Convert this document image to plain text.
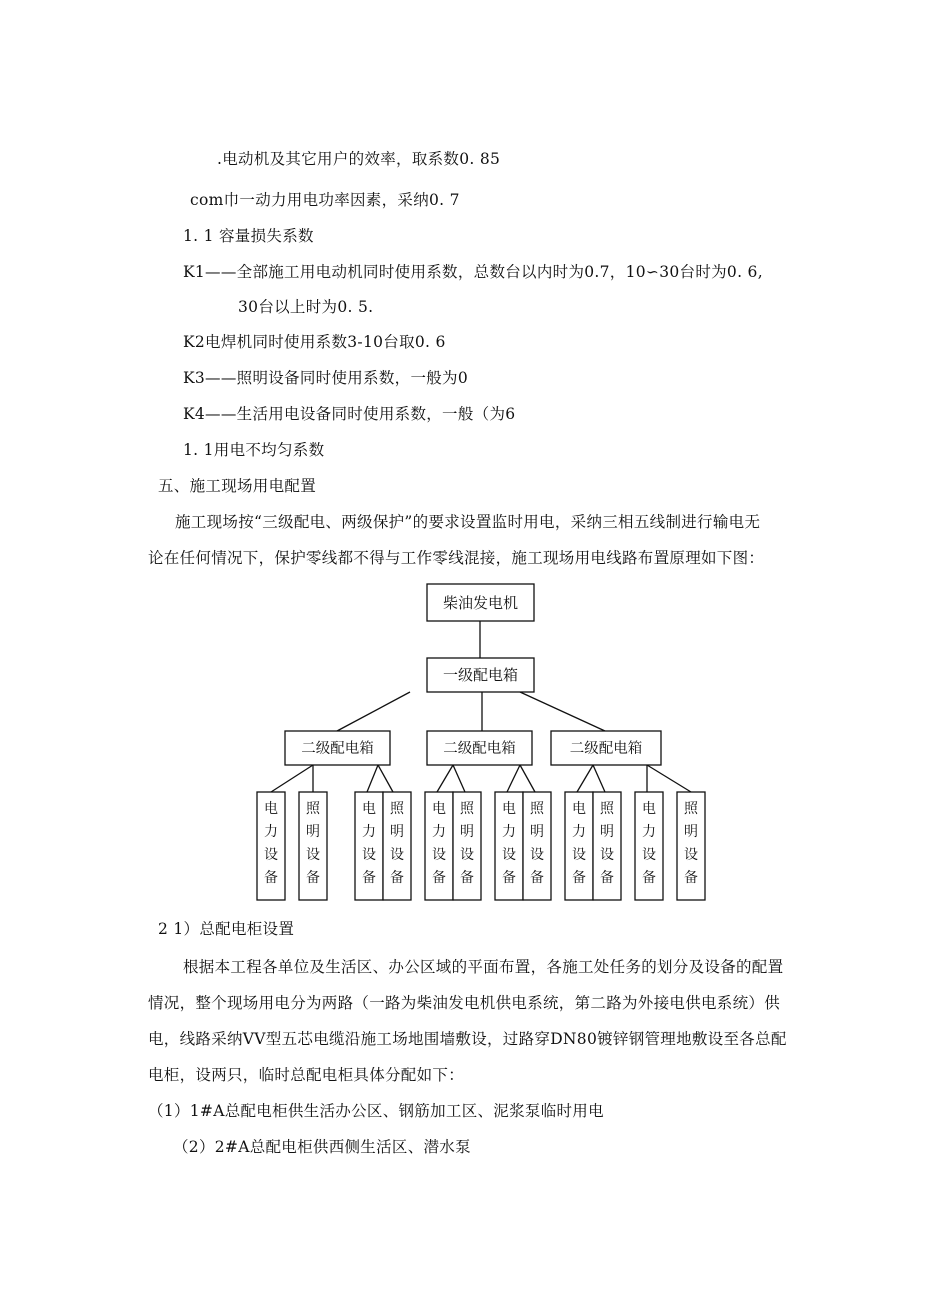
.电动机及其它用户的效率，取系数0. 85
com巾一动力用电功率因素，采纳0. 7
1. 1 容量损失系数
K1——全部施工用电动机同时使用系数，总数台以内时为0.7，10∽30台时为0. 6,
30台以上时为0. 5.
K2电焊机同时使用系数3-10台取0. 6
K3——照明设备同时使用系数，一般为0
K4——生活用电设备同时使用系数，一般（为6
1. 1用电不均匀系数
五、施工现场用电配置
施工现场按“三级配电、两级保护”的要求设置监时用电，采纳三相五线制进行输电无
论在任何情况下，保护零线都不得与工作零线混接，施工现场用电线路布置原理如下图：
柴油发电机
一级配电箱
二级配电箱	二级配电箱	二级配电箱
电力设备
照明设备
电力设备
照明设备
电力设备
照明设备
电力设备
照明设备
电力设备
照明设备
电力设备
照明设备
2 1）总配电柜设置
根据本工程各单位及生活区、办公区域的平面布置，各施工处任务的划分及设备的配置
情况，整个现场用电分为两路（一路为柴油发电机供电系统，第二路为外接电供电系统）供
电，线路采纳VV型五芯电缆沿施工场地围墙敷设，过路穿DN80镀锌钢管理地敷设至各总配
电柜，设两只，临时总配电柜具体分配如下：
（1）1#A总配电柜供生活办公区、钢筋加工区、泥浆泵临时用电
（2）2#A总配电柜供西侧生活区、潜水泵
